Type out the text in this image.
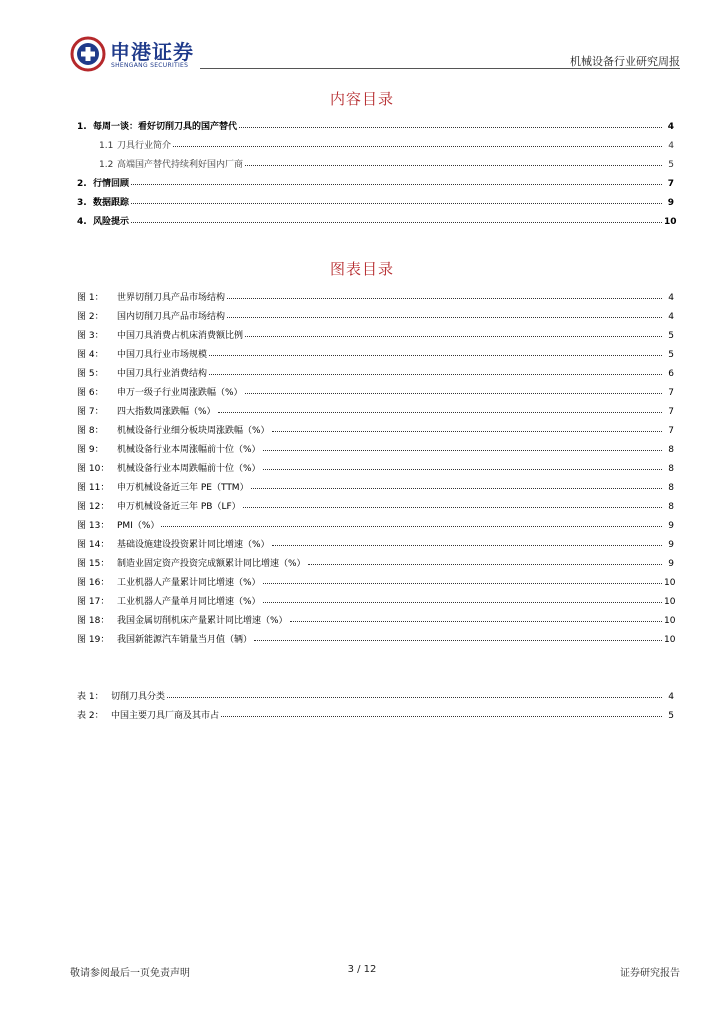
申港证券
SHENGANG SECURITIES	机械设备行业研究周报
内容目录
1. 每周一谈：看好切削刀具的国产替代	4
1.1 刀具行业简介	4
1.2 高端国产替代持续利好国内厂商	5
2. 行情回顾	7
3. 数据跟踪	9
4. 风险提示	10
图表目录
图 1：	世界切削刀具产品市场结构	4
图 2：	国内切削刀具产品市场结构	4
图 3：	中国刀具消费占机床消费额比例	5
图 4：	中国刀具行业市场规模	5
图 5：	中国刀具行业消费结构	6
图 6：	申万一级子行业周涨跌幅（%）	7
图 7：	四大指数周涨跌幅（%）	7
图 8：	机械设备行业细分板块周涨跌幅（%）	7
图 9：	机械设备行业本周涨幅前十位（%）	8
图 10： 机械设备行业本周跌幅前十位（%）	8
图 11： 申万机械设备近三年 PE（TTM）	8
图 12： 申万机械设备近三年 PB（LF）	8
图 13： PMI（%）	9
图 14： 基础设施建设投资累计同比增速（%）	9
图 15： 制造业固定资产投资完成额累计同比增速（%）	9
图 16： 工业机器人产量累计同比增速（%）	10
图 17： 工业机器人产量单月同比增速（%）	10
图 18： 我国金属切削机床产量累计同比增速（%）	10
图 19： 我国新能源汽车销量当月值（辆）	10
表 1： 切削刀具分类	4
表 2： 中国主要刀具厂商及其市占	5
敬请参阅最后一页免责声明	3 / 12	证券研究报告
